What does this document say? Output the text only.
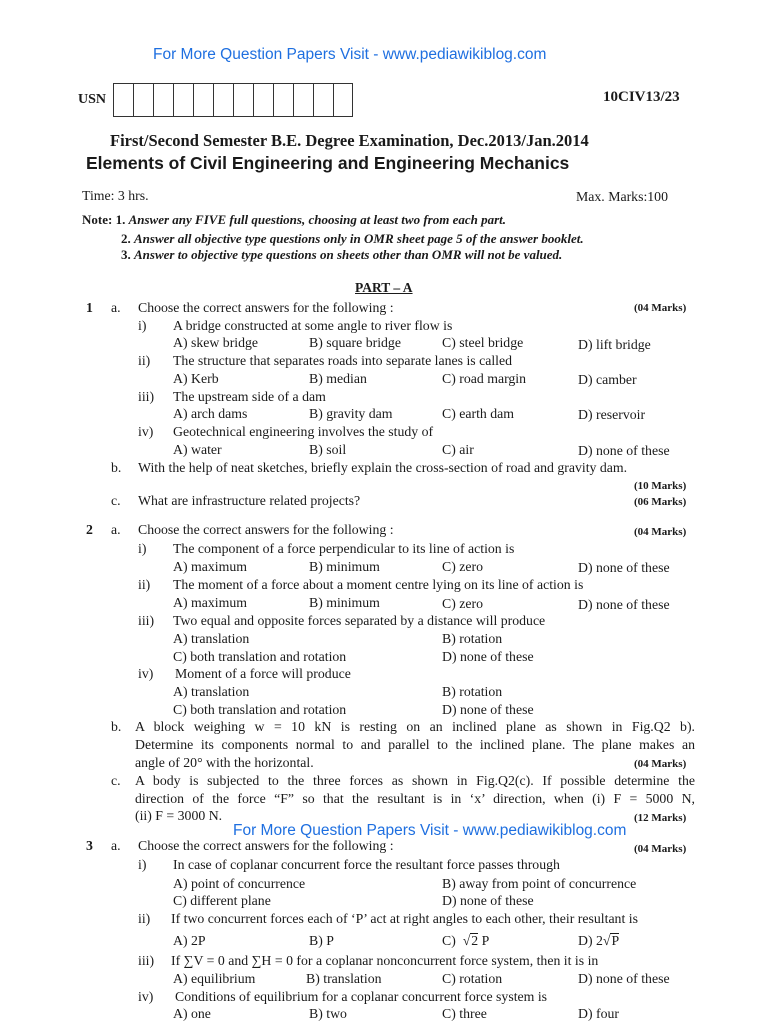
For More Question Papers Visit - www.pediawikiblog.com
USN	10CIV13/23
First/Second Semester B.E. Degree Examination, Dec.2013/Jan.2014
Elements of Civil Engineering and Engineering Mechanics
Time: 3 hrs.	Max. Marks:100
Note: 1. Answer any FIVE full questions, choosing at least two from each part.
2. Answer all objective type questions only in OMR sheet page 5 of the answer booklet.
3. Answer to objective type questions on sheets other than OMR will not be valued.
PART – A
1 a. Choose the correct answers for the following :	(04 Marks)
i) A bridge constructed at some angle to river flow is
A) skew bridge	B) square bridge	C) steel bridge	D) lift bridge
ii) The structure that separates roads into separate lanes is called
A) Kerb	B) median	C) road margin	D) camber
iii) The upstream side of a dam
A) arch dams	B) gravity dam	C) earth dam	D) reservoir
iv) Geotechnical engineering involves the study of
A) water	B) soil	C) air	D) none of these
b. With the help of neat sketches, briefly explain the cross-section of road and gravity dam.
(10 Marks)
c. What are infrastructure related projects?	(06 Marks)
2 a. Choose the correct answers for the following :	(04 Marks)
i) The component of a force perpendicular to its line of action is
A) maximum	B) minimum	C) zero	D) none of these
ii) The moment of a force about a moment centre lying on its line of action is
A) maximum	B) minimum	C) zero	D) none of these
iii) Two equal and opposite forces separated by a distance will produce
A) translation	B) rotation
C) both translation and rotation	D) none of these
iv) Moment of a force will produce
A) translation	B) rotation
C) both translation and rotation	D) none of these
b. A block weighing w = 10 kN is resting on an inclined plane as shown in Fig.Q2 b).
Determine its components normal to and parallel to the inclined plane. The plane makes an
angle of 20° with the horizontal.	(04 Marks)
c. A body is subjected to the three forces as shown in Fig.Q2(c). If possible determine the
direction of the force “F” so that the resultant is in ‘x’ direction, when (i) F = 5000 N,
(ii) F = 3000 N.	(12 Marks)
For More Question Papers Visit - www.pediawikiblog.com
3 a. Choose the correct answers for the following :	(04 Marks)
i) In case of coplanar concurrent force the resultant force passes through
A) point of concurrence	B) away from point of concurrence
C) different plane	D) none of these
ii) If two concurrent forces each of ‘P’ act at right angles to each other, their resultant is
A) 2P	B) P	C)  √2 P	D) 2√P
iii) If ∑V = 0 and ∑H = 0 for a coplanar nonconcurrent force system, then it is in
A) equilibrium	B) translation	C) rotation	D) none of these
iv) Conditions of equilibrium for a coplanar concurrent force system is
A) one	B) two	C) three	D) four
